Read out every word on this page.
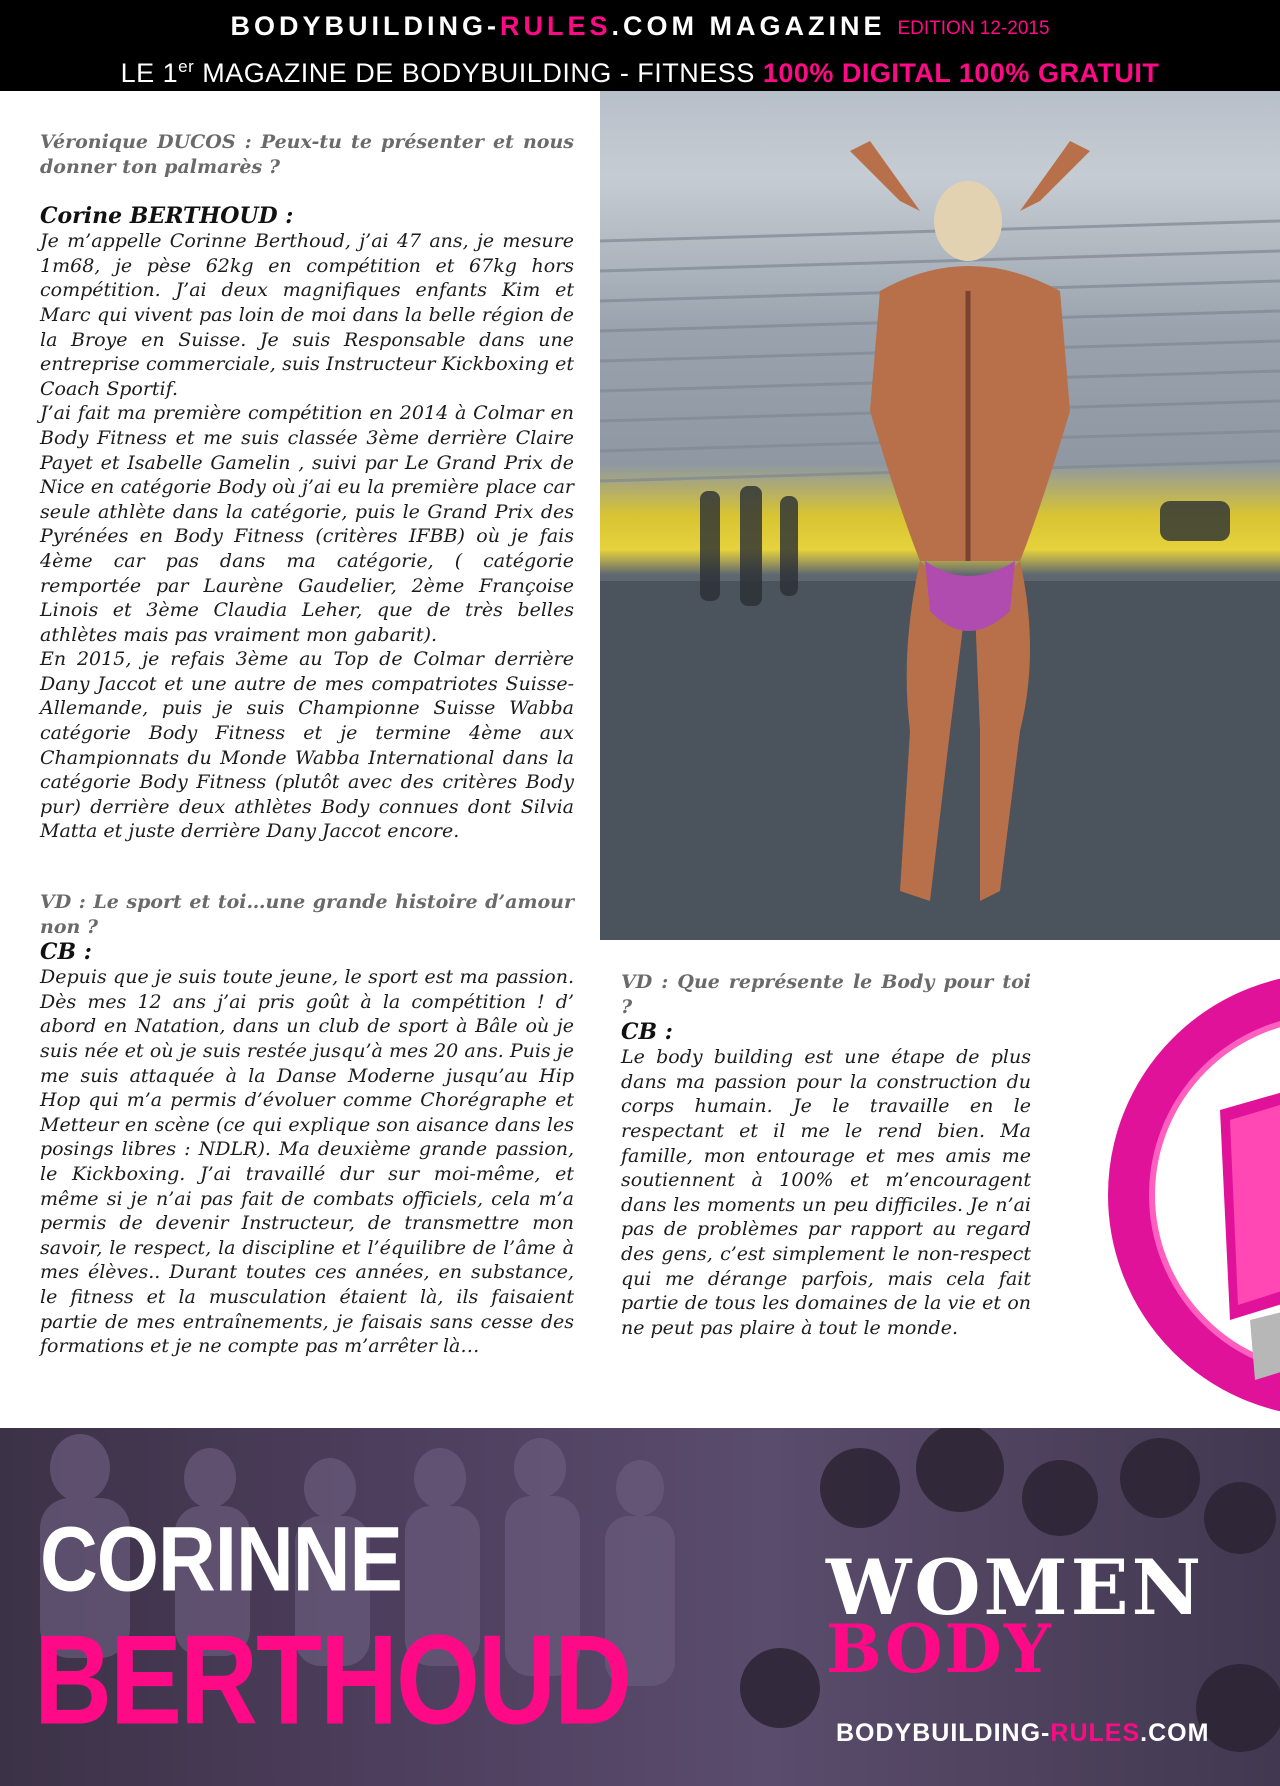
BODYBUILDING-RULES.COM MAGAZINE EDITION 12-2015
LE 1er MAGAZINE DE BODYBUILDING - FITNESS 100% DIGITAL 100% GRATUIT

Véronique DUCOS : Peux-tu te présenter et nous donner ton palmarès ?

Corine BERTHOUD :

Je m’appelle Corinne Berthoud, j’ai 47 ans, je mesure 1m68, je pèse 62kg en compétition et 67kg hors compétition. J’ai deux magnifiques enfants Kim et Marc qui vivent pas loin de moi dans la belle région de la Broye en Suisse. Je suis Responsable dans une entreprise commerciale, suis Instructeur Kickboxing et Coach Sportif.

J’ai fait ma première compétition en 2014 à Colmar en Body Fitness et me suis classée 3ème derrière Claire Payet et Isabelle Gamelin , suivi par Le Grand Prix de Nice en catégorie Body où j’ai eu la première place car seule athlète dans la catégorie, puis le Grand Prix des Pyrénées en Body Fitness (critères IFBB) où je fais 4ème car pas dans ma catégorie, ( catégorie remportée par Laurène Gaudelier, 2ème Françoise Linois et 3ème Claudia Leher, que de très belles athlètes mais pas vraiment mon gabarit).

En 2015, je refais 3ème au Top de Colmar derrière Dany Jaccot et une autre de mes compatriotes Suisse-Allemande, puis je suis Championne Suisse Wabba catégorie Body Fitness et je termine 4ème aux Championnats du Monde Wabba International dans la catégorie Body Fitness (plutôt avec des critères Body pur) derrière deux athlètes Body connues dont Silvia Matta et juste derrière Dany Jaccot encore.

VD : Le sport et toi…une grande histoire d’amour non ?

CB :

Depuis que je suis toute jeune, le sport est ma passion. Dès mes 12 ans j’ai pris goût à la compétition ! d’ abord en Natation, dans un club de sport à Bâle où je suis née et où je suis restée jusqu’à mes 20 ans. Puis je me suis attaquée à la Danse Moderne jusqu’au Hip Hop qui m’a permis d’évoluer comme Chorégraphe et Metteur en scène (ce qui explique son aisance dans les posings libres : NDLR). Ma deuxième grande passion, le Kickboxing. J’ai travaillé dur sur moi-même, et même si je n’ai pas fait de combats officiels, cela m’a permis de devenir Instructeur, de transmettre mon savoir, le respect, la discipline et l’équilibre de l’âme à mes élèves.. Durant toutes ces années, en substance, le fitness et la musculation étaient là, ils faisaient partie de mes entraînements, je faisais sans cesse des formations et je ne compte pas m’arrêter là…

VD : Que représente le Body pour toi ?

CB :

Le body building est une étape de plus dans ma passion pour la construction du corps humain. Je le travaille en le respectant et il me le rend bien. Ma famille, mon entourage et mes amis me soutiennent à 100% et m’encouragent dans les moments un peu difficiles. Je n’ai pas de problèmes par rapport au regard des gens, c’est simplement le non-respect qui me dérange parfois, mais cela fait partie de tous les domaines de la vie et on ne peut pas plaire à tout le monde.

CORINNE
BERTHOUD
WOMEN
BODY
BODYBUILDING-RULES.COM
